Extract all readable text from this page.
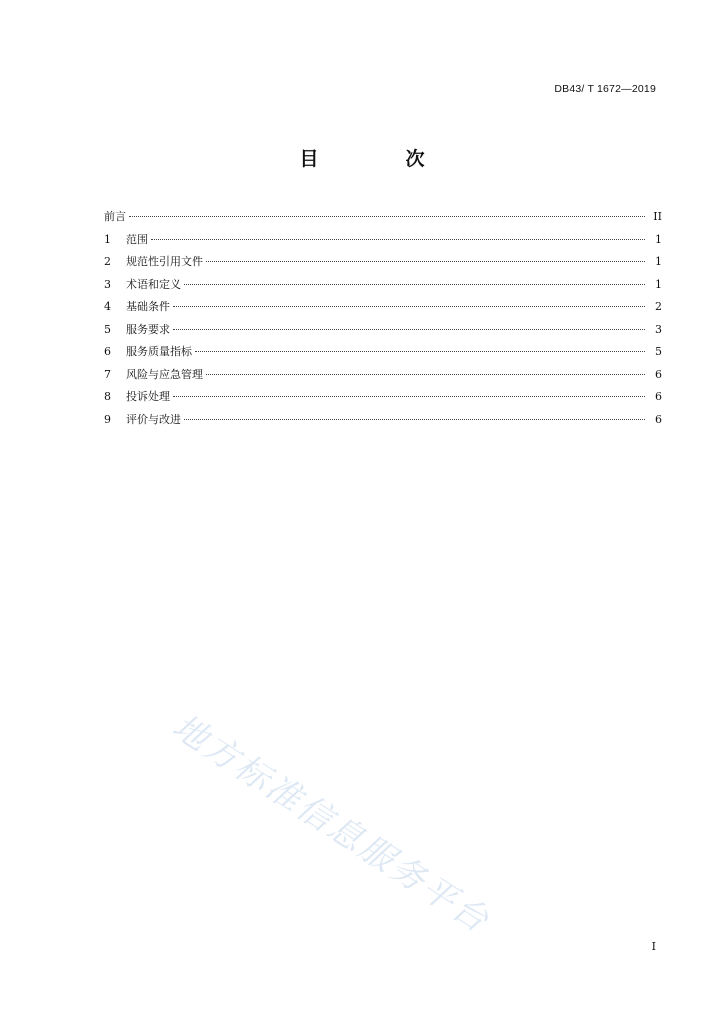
DB43/ T 1672—2019
目　次
前言	II
1	范围	1
2	规范性引用文件	1
3	术语和定义	1
4	基础条件	2
5	服务要求	3
6	服务质量指标	5
7	风险与应急管理	6
8	投诉处理	6
9	评价与改进	6
地方标准信息服务平台
I
